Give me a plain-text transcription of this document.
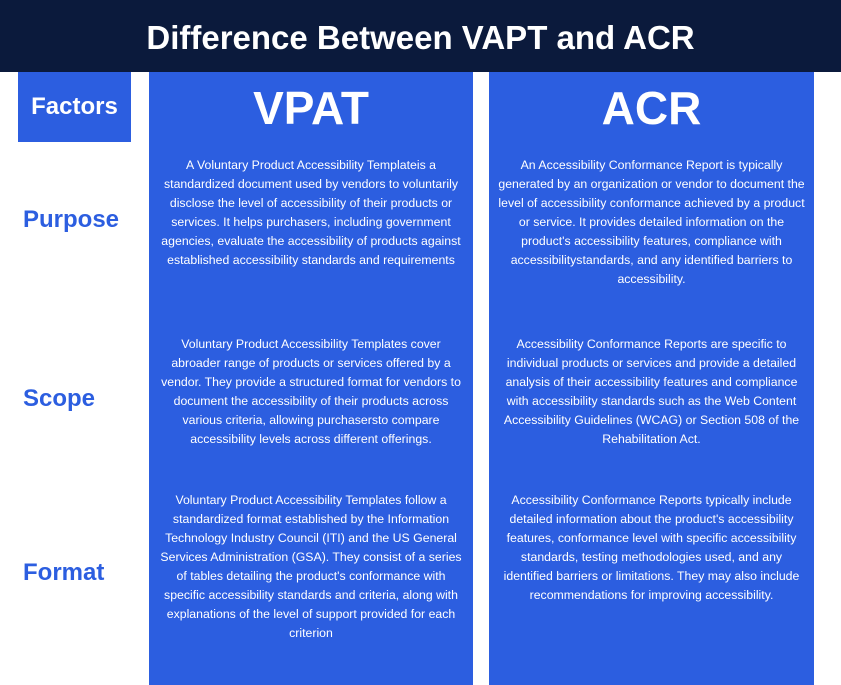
Difference Between VAPT and ACR
Factors	VPAT
A Voluntary Product Accessibility Templateis a standardized document used by vendors to voluntarily disclose the level of accessibility of their products or services. It helps purchasers, including government agencies, evaluate the accessibility of products against established accessibility standards and requirements
Voluntary Product Accessibility Templates cover abroader range of products or services offered by a vendor. They provide a structured format for vendors to document the accessibility of their products across various criteria, allowing purchasersto compare accessibility levels across different offerings.
Voluntary Product Accessibility Templates follow a standardized format established by the Information Technology Industry Council (ITI) and the US General Services Administration (GSA). They consist of a series of tables detailing the product's conformance with specific accessibility standards and criteria, along with explanations of the level of support provided for each criterion
ACR
An Accessibility Conformance Report is typically generated by an organization or vendor to document the level of accessibility conformance achieved by a product or service. It provides detailed information on the product's accessibility features, compliance with accessibilitystandards, and any identified barriers to accessibility.
Accessibility Conformance Reports are specific to individual products or services and provide a detailed analysis of their accessibility features and compliance with accessibility standards such as the Web Content Accessibility Guidelines (WCAG) or Section 508 of the Rehabilitation Act.
Accessibility Conformance Reports typically include detailed information about the product's accessibility features, conformance level with specific accessibility standards, testing methodologies used, and any identified barriers or limitations. They may also include recommendations for improving accessibility.
Purpose
Scope
Format
